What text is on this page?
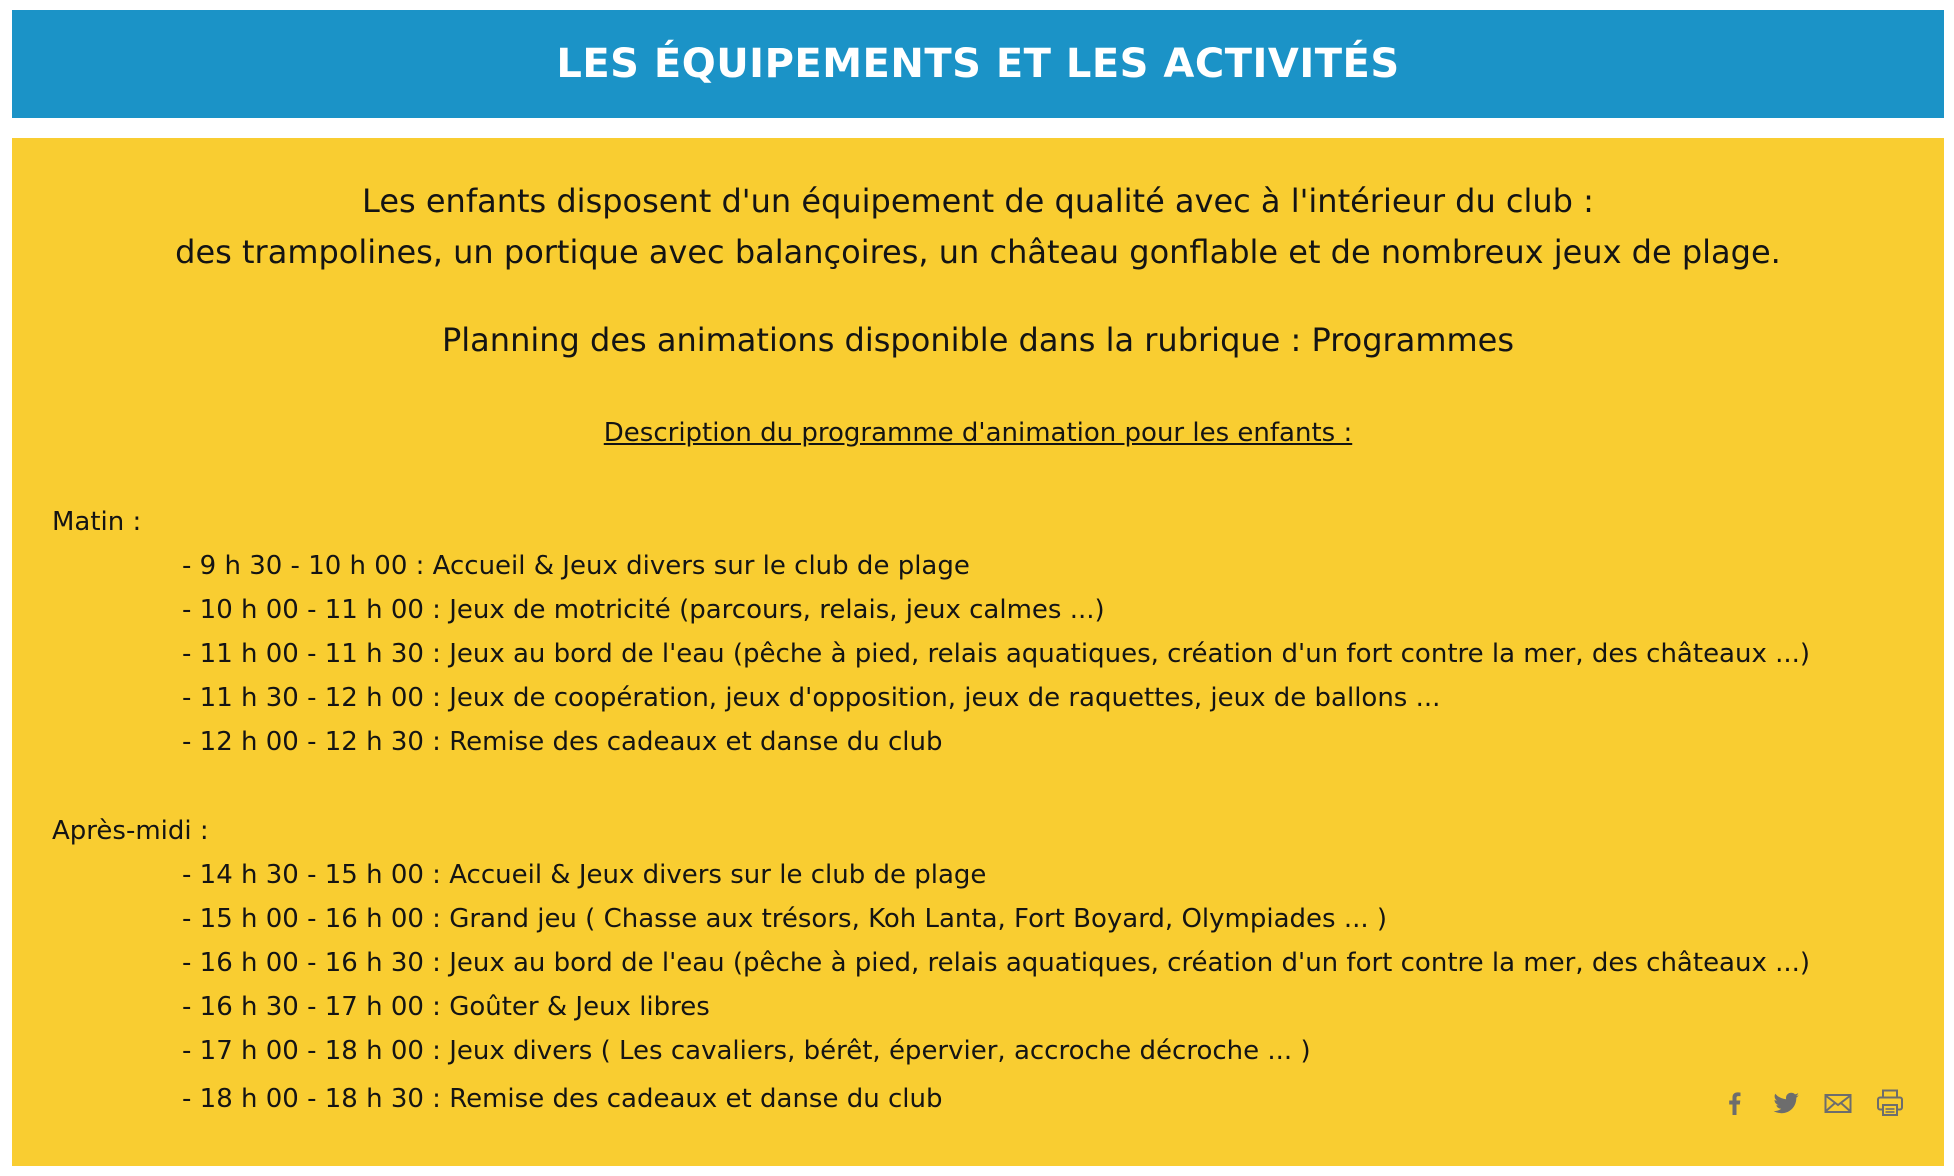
LES ÉQUIPEMENTS ET LES ACTIVITÉS
Les enfants disposent d'un équipement de qualité avec à l'intérieur du club :
des trampolines, un portique avec balançoires, un château gonflable et de nombreux jeux de plage.
Planning des animations disponible dans la rubrique : Programmes
Description du programme d'animation pour les enfants :
Matin :
- 9 h 30 - 10 h 00 : Accueil & Jeux divers sur le club de plage
- 10 h 00 - 11 h 00 : Jeux de motricité (parcours, relais, jeux calmes ...)
- 11 h 00 - 11 h 30 : Jeux au bord de l'eau (pêche à pied, relais aquatiques, création d'un fort contre la mer, des châteaux ...)
- 11 h 30 - 12 h 00 : Jeux de coopération, jeux d'opposition, jeux de raquettes, jeux de ballons ...
- 12 h 00 - 12 h 30 : Remise des cadeaux et danse du club
Après-midi :
- 14 h 30 - 15 h 00 : Accueil & Jeux divers sur le club de plage
- 15 h 00 - 16 h 00 : Grand jeu ( Chasse aux trésors, Koh Lanta, Fort Boyard, Olympiades ... )
- 16 h 00 - 16 h 30 : Jeux au bord de l'eau (pêche à pied, relais aquatiques, création d'un fort contre la mer, des châteaux ...)
- 16 h 30 - 17 h 00 : Goûter & Jeux libres
- 17 h 00 - 18 h 00 : Jeux divers ( Les cavaliers, bérêt, épervier, accroche décroche ... )
- 18 h 00 - 18 h 30 : Remise des cadeaux et danse du club
